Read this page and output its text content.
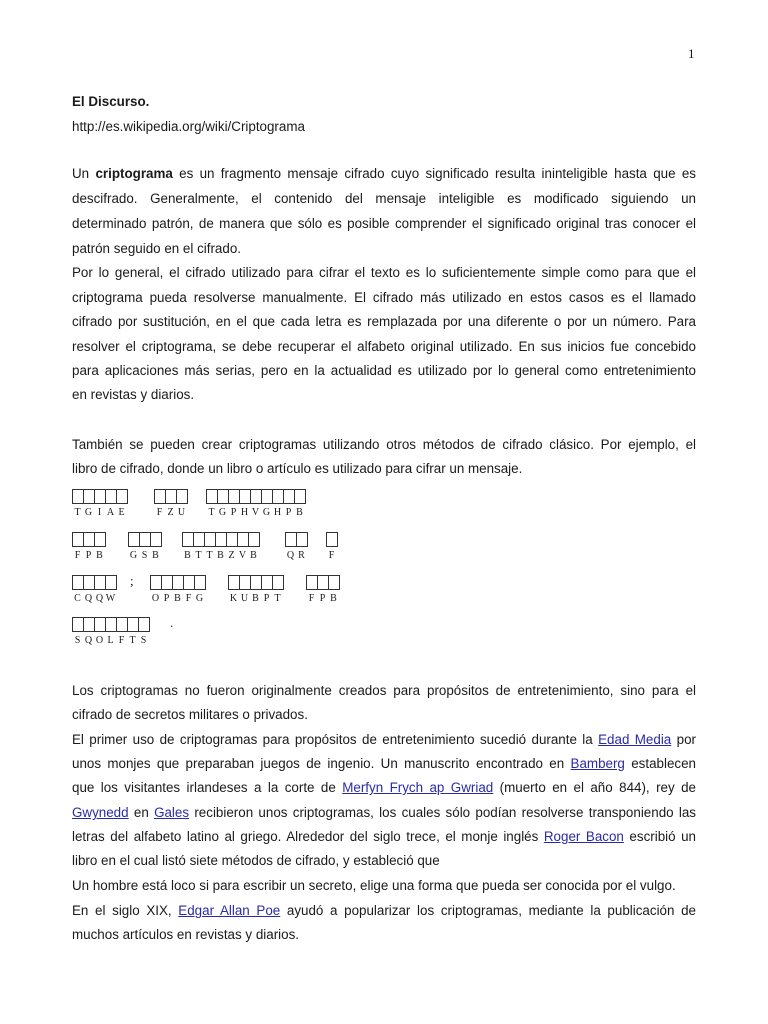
1
El Discurso.
http://es.wikipedia.org/wiki/Criptograma
Un criptograma es un fragmento mensaje cifrado cuyo significado resulta ininteligible hasta que es
descifrado. Generalmente, el contenido del mensaje inteligible es modificado siguiendo un
determinado patrón, de manera que sólo es posible comprender el significado original tras conocer el
patrón seguido en el cifrado.
Por lo general, el cifrado utilizado para cifrar el texto es lo suficientemente simple como para que el
criptograma pueda resolverse manualmente. El cifrado más utilizado en estos casos es el llamado
cifrado por sustitución, en el que cada letra es remplazada por una diferente o por un número. Para
resolver el criptograma, se debe recuperar el alfabeto original utilizado. En sus inicios fue concebido
para aplicaciones más serias, pero en la actualidad es utilizado por lo general como entretenimiento
en revistas y diarios.
También se pueden crear criptogramas utilizando otros métodos de cifrado clásico. Por ejemplo, el
libro de cifrado, donde un libro o artículo es utilizado para cifrar un mensaje.
T G I A E	F Z U T G P H V G H P B
F P B	G S B	B T T B Z V B	Q R F
C Q Q W	O P B F G	K U B P T	F P B
;
S Q O L F T S
.
Los criptogramas no fueron originalmente creados para propósitos de entretenimiento, sino para el
cifrado de secretos militares o privados.
El primer uso de criptogramas para propósitos de entretenimiento sucedió durante la Edad Media por
unos monjes que preparaban juegos de ingenio. Un manuscrito encontrado en Bamberg establecen
que los visitantes irlandeses a la corte de Merfyn Frych ap Gwriad (muerto en el año 844), rey de
Gwynedd en Gales recibieron unos criptogramas, los cuales sólo podían resolverse transponiendo las
letras del alfabeto latino al griego. Alrededor del siglo trece, el monje inglés Roger Bacon escribió un
libro en el cual listó siete métodos de cifrado, y estableció que
Un hombre está loco si para escribir un secreto, elige una forma que pueda ser conocida por el vulgo.
En el siglo XIX, Edgar Allan Poe ayudó a popularizar los criptogramas, mediante la publicación de
muchos artículos en revistas y diarios.
